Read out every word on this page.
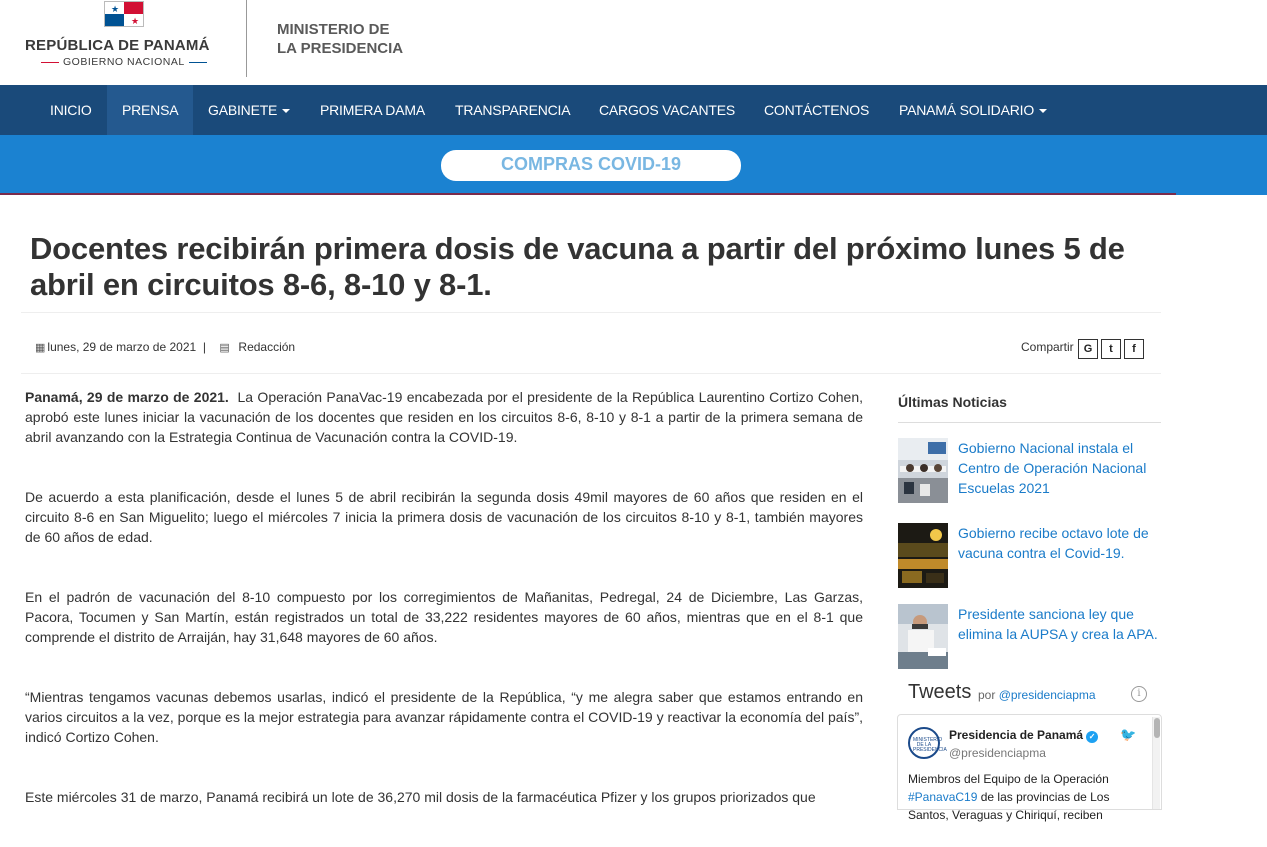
★
★
REPÚBLICA DE PANAMÁ
GOBIERNO NACIONAL
MINISTERIO DE
LA PRESIDENCIA
INICIO	PRENSA	GABINETE	PRIMERA DAMA	TRANSPARENCIA	CARGOS VACANTES	CONTÁCTENOS	PANAMÁ SOLIDARIO
COMPRAS COVID-19
Docentes recibirán primera dosis de vacuna a partir del próximo lunes 5 de abril en circuitos 8-6, 8-10 y 8-1.
▦ lunes, 29 de marzo de 2021 | ▤ Redacción	Compartir G	t	f

Panamá, 29 de marzo de 2021. La Operación PanaVac-19 encabezada por el presidente de la República Laurentino Cortizo Cohen, aprobó este lunes iniciar la vacunación de los docentes que residen en los circuitos 8-6, 8-10 y 8-1 a partir de la primera semana de abril avanzando con la Estrategia Continua de Vacunación contra la COVID-19.

De acuerdo a esta planificación, desde el lunes 5 de abril recibirán la segunda dosis 49mil mayores de 60 años que residen en el circuito 8-6 en San Miguelito; luego el miércoles 7 inicia la primera dosis de vacunación de los circuitos 8-10 y 8-1, también mayores de 60 años de edad.

En el padrón de vacunación del 8-10 compuesto por los corregimientos de Mañanitas, Pedregal, 24 de Diciembre, Las Garzas, Pacora, Tocumen y San Martín, están registrados un total de 33,222 residentes mayores de 60 años, mientras que en el 8-1 que comprende el distrito de Arraiján, hay 31,648 mayores de 60 años.

“Mientras tengamos vacunas debemos usarlas, indicó el presidente de la República, “y me alegra saber que estamos entrando en varios circuitos a la vez, porque es la mejor estrategia para avanzar rápidamente contra el COVID-19 y reactivar la economía del país”, indicó Cortizo Cohen.

Este miércoles 31 de marzo, Panamá recibirá un lote de 36,270 mil dosis de la farmacéutica Pfizer y los grupos priorizados que

Últimas Noticias
Gobierno Nacional instala el Centro de Operación Nacional Escuelas 2021
Gobierno recibe octavo lote de vacuna contra el Covid-19.
Presidente sanciona ley que elimina la AUPSA y crea la APA.
Tweets por @presidenciapma	i
MINISTERIO DE LA PRESIDENCIA
Presidencia de Panamá ✓
@presidenciapma
🐦
Miembros del Equipo de la Operación
#PanavaC19 de las provincias de Los
Santos, Veraguas y Chiriquí, reciben
